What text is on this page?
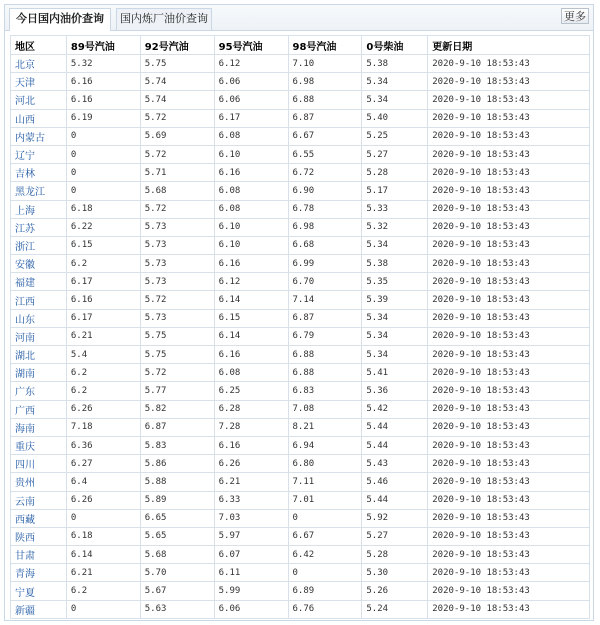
今日国内油价查询	国内炼厂油价查询	更多
地区	89号汽油	92号汽油	95号汽油	98号汽油	0号柴油	更新日期
北京	5.32	5.75	6.12	7.10	5.38	2020-9-10 18:53:43
天津	6.16	5.74	6.06	6.98	5.34	2020-9-10 18:53:43
河北	6.16	5.74	6.06	6.88	5.34	2020-9-10 18:53:43
山西	6.19	5.72	6.17	6.87	5.40	2020-9-10 18:53:43
内蒙古	0	5.69	6.08	6.67	5.25	2020-9-10 18:53:43
辽宁	0	5.72	6.10	6.55	5.27	2020-9-10 18:53:43
吉林	0	5.71	6.16	6.72	5.28	2020-9-10 18:53:43
黑龙江	0	5.68	6.08	6.90	5.17	2020-9-10 18:53:43
上海	6.18	5.72	6.08	6.78	5.33	2020-9-10 18:53:43
江苏	6.22	5.73	6.10	6.98	5.32	2020-9-10 18:53:43
浙江	6.15	5.73	6.10	6.68	5.34	2020-9-10 18:53:43
安徽	6.2	5.73	6.16	6.99	5.38	2020-9-10 18:53:43
福建	6.17	5.73	6.12	6.70	5.35	2020-9-10 18:53:43
江西	6.16	5.72	6.14	7.14	5.39	2020-9-10 18:53:43
山东	6.17	5.73	6.15	6.87	5.34	2020-9-10 18:53:43
河南	6.21	5.75	6.14	6.79	5.34	2020-9-10 18:53:43
湖北	5.4	5.75	6.16	6.88	5.34	2020-9-10 18:53:43
湖南	6.2	5.72	6.08	6.88	5.41	2020-9-10 18:53:43
广东	6.2	5.77	6.25	6.83	5.36	2020-9-10 18:53:43
广西	6.26	5.82	6.28	7.08	5.42	2020-9-10 18:53:43
海南	7.18	6.87	7.28	8.21	5.44	2020-9-10 18:53:43
重庆	6.36	5.83	6.16	6.94	5.44	2020-9-10 18:53:43
四川	6.27	5.86	6.26	6.80	5.43	2020-9-10 18:53:43
贵州	6.4	5.88	6.21	7.11	5.46	2020-9-10 18:53:43
云南	6.26	5.89	6.33	7.01	5.44	2020-9-10 18:53:43
西藏	0	6.65	7.03	0	5.92	2020-9-10 18:53:43
陕西	6.18	5.65	5.97	6.67	5.27	2020-9-10 18:53:43
甘肃	6.14	5.68	6.07	6.42	5.28	2020-9-10 18:53:43
青海	6.21	5.70	6.11	0	5.30	2020-9-10 18:53:43
宁夏	6.2	5.67	5.99	6.89	5.26	2020-9-10 18:53:43
新疆	0	5.63	6.06	6.76	5.24	2020-9-10 18:53:43
